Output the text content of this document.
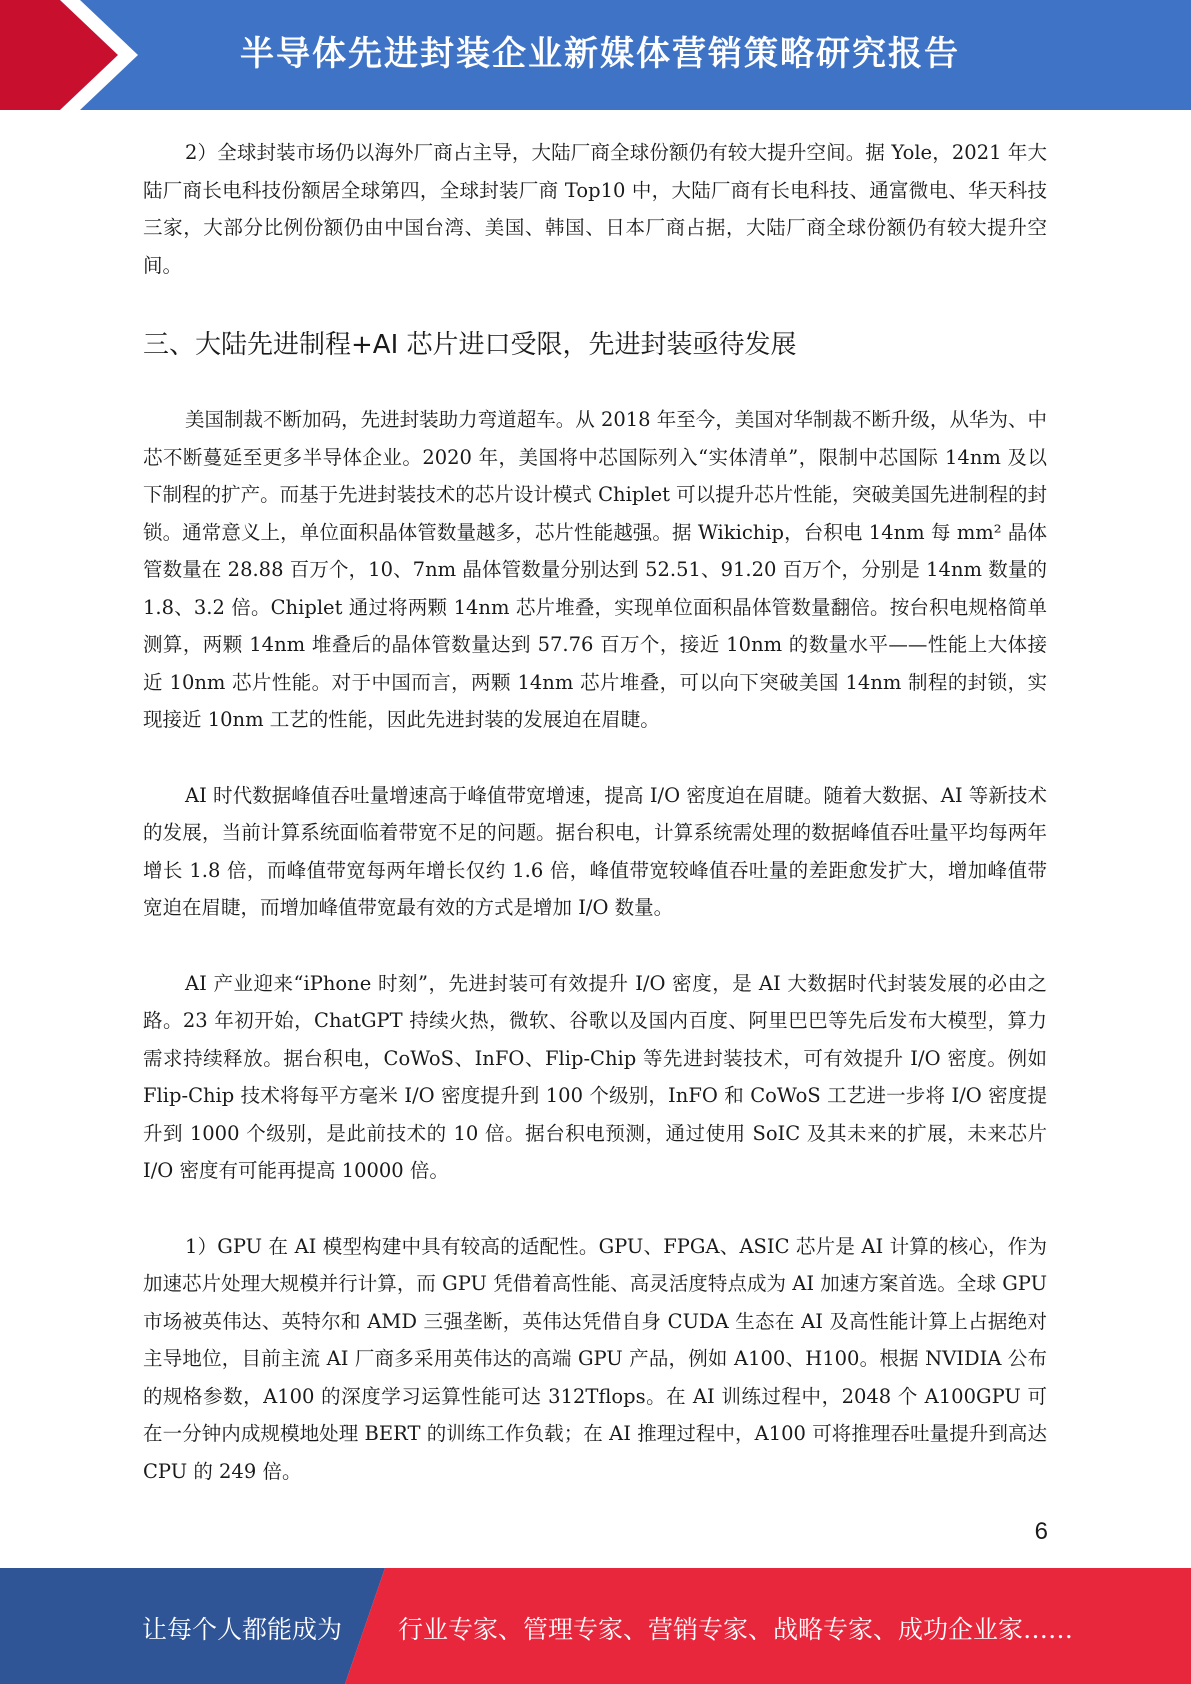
半导体先进封装企业新媒体营销策略研究报告

2）全球封装市场仍以海外厂商占主导，大陆厂商全球份额仍有较大提升空间。据 Yole，2021 年大陆厂商长电科技份额居全球第四，全球封装厂商 Top10 中，大陆厂商有长电科技、通富微电、华天科技三家，大部分比例份额仍由中国台湾、美国、韩国、日本厂商占据，大陆厂商全球份额仍有较大提升空间。

三、大陆先进制程+AI 芯片进口受限，先进封装亟待发展

美国制裁不断加码，先进封装助力弯道超车。从 2018 年至今，美国对华制裁不断升级，从华为、中芯不断蔓延至更多半导体企业。2020 年，美国将中芯国际列入“实体清单”，限制中芯国际 14nm 及以下制程的扩产。而基于先进封装技术的芯片设计模式 Chiplet 可以提升芯片性能，突破美国先进制程的封锁。通常意义上，单位面积晶体管数量越多，芯片性能越强。据 Wikichip，台积电 14nm 每 mm² 晶体管数量在 28.88 百万个，10、7nm 晶体管数量分别达到 52.51、91.20 百万个，分别是 14nm 数量的 1.8、3.2 倍。Chiplet 通过将两颗 14nm 芯片堆叠，实现单位面积晶体管数量翻倍。按台积电规格简单测算，两颗 14nm 堆叠后的晶体管数量达到 57.76 百万个，接近 10nm 的数量水平——性能上大体接近 10nm 芯片性能。对于中国而言，两颗 14nm 芯片堆叠，可以向下突破美国 14nm 制程的封锁，实现接近 10nm 工艺的性能，因此先进封装的发展迫在眉睫。

AI 时代数据峰值吞吐量增速高于峰值带宽增速，提高 I/O 密度迫在眉睫。随着大数据、AI 等新技术的发展，当前计算系统面临着带宽不足的问题。据台积电，计算系统需处理的数据峰值吞吐量平均每两年增长 1.8 倍，而峰值带宽每两年增长仅约 1.6 倍，峰值带宽较峰值吞吐量的差距愈发扩大，增加峰值带宽迫在眉睫，而增加峰值带宽最有效的方式是增加 I/O 数量。

AI 产业迎来“iPhone 时刻”，先进封装可有效提升 I/O 密度，是 AI 大数据时代封装发展的必由之路。23 年初开始，ChatGPT 持续火热，微软、谷歌以及国内百度、阿里巴巴等先后发布大模型，算力需求持续释放。据台积电，CoWoS、InFO、Flip-Chip 等先进封装技术，可有效提升 I/O 密度。例如 Flip-Chip 技术将每平方毫米 I/O 密度提升到 100 个级别，InFO 和 CoWoS 工艺进一步将 I/O 密度提升到 1000 个级别，是此前技术的 10 倍。据台积电预测，通过使用 SoIC 及其未来的扩展，未来芯片 I/O 密度有可能再提高 10000 倍。

1）GPU 在 AI 模型构建中具有较高的适配性。GPU、FPGA、ASIC 芯片是 AI 计算的核心，作为加速芯片处理大规模并行计算，而 GPU 凭借着高性能、高灵活度特点成为 AI 加速方案首选。全球 GPU 市场被英伟达、英特尔和 AMD 三强垄断，英伟达凭借自身 CUDA 生态在 AI 及高性能计算上占据绝对主导地位，目前主流 AI 厂商多采用英伟达的高端 GPU 产品，例如 A100、H100。根据 NVIDIA 公布的规格参数，A100 的深度学习运算性能可达 312Tflops。在 AI 训练过程中，2048 个 A100GPU 可在一分钟内成规模地处理 BERT 的训练工作负载；在 AI 推理过程中，A100 可将推理吞吐量提升到高达 CPU 的 249 倍。

6
让每个人都能成为 行业专家、管理专家、营销专家、战略专家、成功企业家……
